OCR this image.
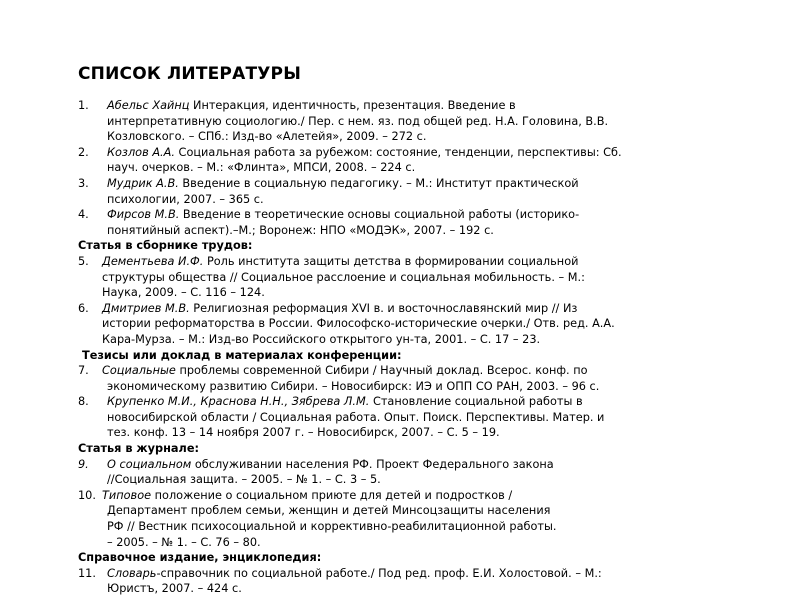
СПИСОК ЛИТЕРАТУРЫ
1.	Абельс Хайнц Интеракция, идентичность, презентация. Введение в
интерпретативную социологию./ Пер. с нем. яз. под общей ред. Н.А. Головина, В.В.
Козловского. – СПб.: Изд-во «Алетейя», 2009. – 272 с.
2.	Козлов А.А. Социальная работа за рубежом: состояние, тенденции, перспективы: Сб.
науч. очерков. – М.: «Флинта», МПСИ, 2008. – 224 с.
3.	Мудрик А.В. Введение в социальную педагогику. – М.: Институт практической
психологии, 2007. – 365 с.
4.	Фирсов М.В. Введение в теоретические основы социальной работы (историко-
понятийный аспект).–М.; Воронеж: НПО «МОДЭК», 2007. – 192 с.
Статья в сборнике трудов:
5.	Дементьева И.Ф. Роль института защиты детства в формировании социальной
структуры общества // Социальное расслоение и социальная мобильность. – М.:
Наука, 2009. – С. 116 – 124.
6.	Дмитриев М.В. Религиозная реформация XVI в. и восточнославянский мир // Из
истории реформаторства в России. Философско-исторические очерки./ Отв. ред. А.А.
Кара-Мурза. – М.: Изд-во Российского открытого ун-та, 2001. – С. 17 – 23.
Тезисы или доклад в материалах конференции:
7.	Социальные проблемы современной Сибири / Научный доклад. Всерос. конф. по
экономическому развитию Сибири. – Новосибирск: ИЭ и ОПП СО РАН, 2003. – 96 с.
8.	Крупенко М.И., Краснова Н.Н., Зябрева Л.М. Становление социальной работы в
новосибирской области / Социальная работа. Опыт. Поиск. Перспективы. Матер. и
тез. конф. 13 – 14 ноября 2007 г. – Новосибирск, 2007. – С. 5 – 19.
Статья в журнале:
9.	О социальном обслуживании населения РФ. Проект Федерального закона
//Социальная защита. – 2005. – № 1. – С. 3 – 5.
10. Типовое положение о социальном приюте для детей и подростков /
Департамент проблем семьи, женщин и детей Минсоцзащиты населения
РФ // Вестник психосоциальной и коррективно-реабилитационной работы.
– 2005. – № 1. – С. 76 – 80.
Справочное издание, энциклопедия:
11. Словарь-справочник по социальной работе./ Под ред. проф. Е.И. Холостовой. – М.:
Юристъ, 2007. – 424 с.
